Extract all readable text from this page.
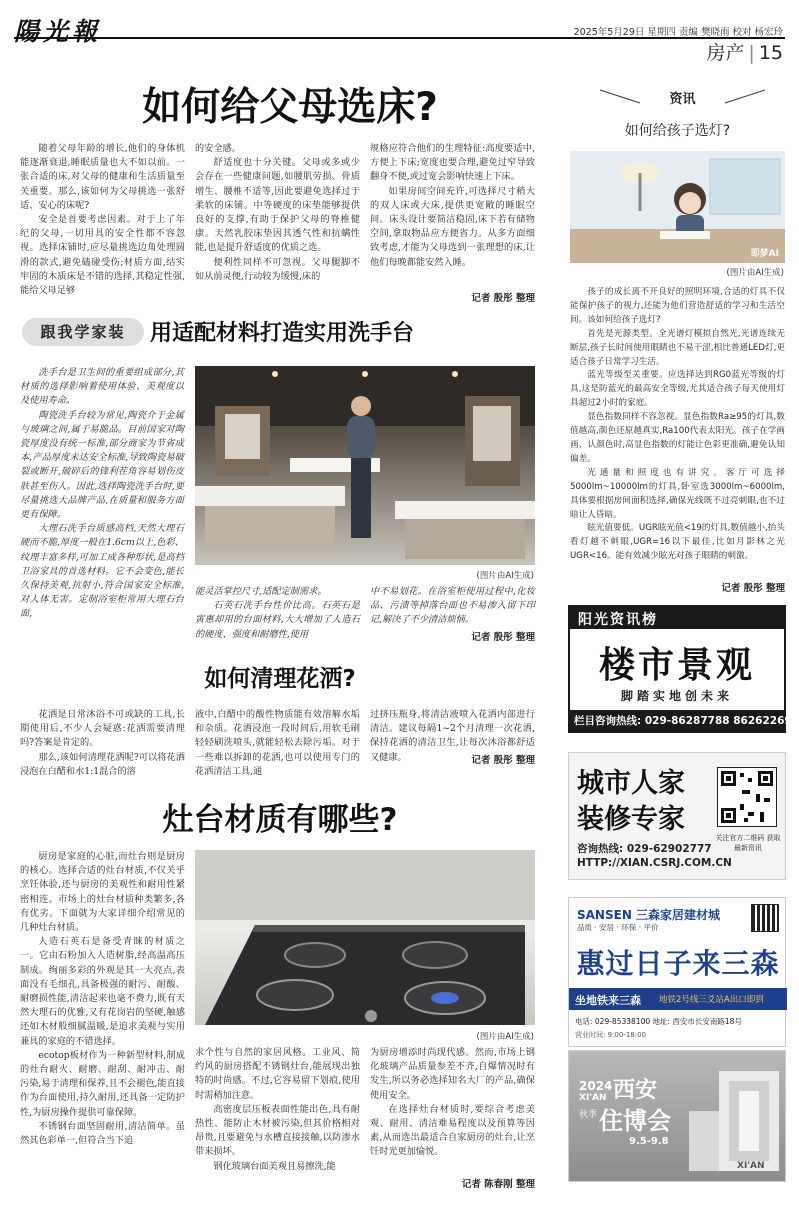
陽光報	2025年5月29日 星期四 责编 樊晓雨 校对 杨宏玲
房产 | 15
如何给父母选床?

随着父母年龄的增长,他们的身体机能逐渐衰退,睡眠质量也大不如以前。一张合适的床,对父母的健康和生活质量至关重要。那么,该如何为父母挑选一张舒适、安心的床呢?

安全是首要考虑因素。对于上了年纪的父母,一切用具的安全性都不容忽视。选择床铺时,应尽量挑选边角处理圆滑的款式,避免磕碰受伤;材质方面,结实牢固的木质床是不错的选择,其稳定性强,能给父母足够

的安全感。

舒适度也十分关键。父母或多或少会存在一些健康问题,如腰肌劳损、骨质增生、腰椎不适等,因此要避免选择过于柔软的床铺。中等硬度的床垫能够提供良好的支撑,有助于保护父母的脊椎健康。天然乳胶床垫因其透气性和抗螨性能,也是提升舒适度的优质之选。

便利性同样不可忽视。父母腿脚不如从前灵便,行动较为缓慢,床的

规格应符合他们的生理特征:高度要适中,方便上下床;宽度也要合理,避免过窄导致翻身不便,或过宽会影响快速上下床。

如果房间空间充许,可选择尺寸稍大的双人床或大床,提供更宽敞的睡眠空间。床头设计要简洁稳固,床下若有储物空间,拿取物品应方便省力。从多方面细致考虑,才能为父母选到一张理想的床,让他们每晚都能安然入睡。

记者 殷彤 整理
跟我学家装	用适配材料打造实用洗手台

洗手台是卫生间的重要组成部分,其材质的选择影响着使用体验、美观度以及使用寿命。

陶瓷洗手台较为常见,陶瓷介于金属与玻璃之间,属于易脆品。目前国家对陶瓷厚度没有统一标准,部分商家为节省成本,产品厚度未达安全标准,导致陶瓷易破裂或断开,破碎后的锋利茬角容易划伤皮肤甚至伤人。因此,选择陶瓷洗手台时,要尽量挑选大品牌产品,在质量和服务方面更有保障。

大理石洗手台质感高档,天然大理石硬而不脆,厚度一般在1.6cm以上,色彩、纹理丰富多样,可加工成各种形状,是高档卫浴家具的首选材料。它不会变色,能长久保持美观,抗射小,符合国家安全标准,对人体无害。定制浴室柜常用大理石台面,

(图片由AI生成)

能灵活掌控尺寸,适配定制需求。

石英石洗手台性价比高。石英石是寅惠却用的台面材料,大大增加了人造石的硬度、强度和耐磨性,使用

中不易划花。在浴室柜使用过程中,化妆品、污渍等掉落台面也不易渗入留下印记,解决了不少清洁烦恼。

记者 殷彤 整理
如何清理花洒?

花洒是日常沐浴不可或缺的工具,长期使用后,不少人会疑惑:花洒需要清理吗?答案是肯定的。

那么,该如何清理花洒呢?可以将花洒浸泡在白醋和水1:1混合的溶

液中,白醋中的酸性物质能有效溶解水垢和杂质。花洒浸泡一段时间后,用软毛刷轻轻刷洗喷头,就能轻松去除污垢。对于一些难以拆卸的花洒,也可以使用专门的花洒清洁工具,通

过挤压瓶身,将清洁液喷入花洒内部进行清洁。建议每隔1~2个月清理一次花洒,保持花洒的清洁卫生,让每次沐浴都舒适又健康。	记者 殷彤 整理
灶台材质有哪些?

厨房是家庭的心脏,而灶台则是厨房的核心。选择合适的灶台材质,不仅关乎烹饪体验,还与厨房的美观性和耐用性紧密相连。市场上的灶台材质种类繁多,各有优劣。下面就为大家详细介绍常见的几种灶台材质。

人造石英石是备受青睐的材质之一。它由石粉加入人造树脂,经高温高压制成。绚丽多彩的外观是其一大亮点,表面没有毛细孔,具备极强的耐污、耐酸、耐磨损性能,清洁起来也毫不费力,既有天然大理石的优雅,又有花岗岩的坚硬,触感还如木材般细腻温暖,是追求美观与实用兼具的家庭的不错选择。

ecotop板材作为一种新型材料,制成的灶台耐火、耐磨、耐刮、耐冲击、耐污染,易于清理和保养,且不会褪色,能直接作为台面使用,持久耐用,还具备一定防护性,为厨房操作提供可靠保障。

不锈钢台面坚固耐用,清洁简单。虽然其色彩单一,但符合当下追

(图片由AI生成)

求个性与自然的家居风格。工业风、简约风的厨房搭配不锈钢灶台,能展现出独特的时尚感。不过,它容易留下划痕,使用时需稍加注意。

高密度层压板表面性能出色,具有耐热性、能防止木材被污染,但其价格相对昂贵,且要避免与水槽直接接触,以防渗水带来损坏。

钢化玻璃台面美观且易擦洗,能

为厨房增添时尚现代感。然而,市场上钢化玻璃产品质量参差不齐,自爆情况时有发生,所以务必选择知名大厂的产品,确保使用安全。

在选择灶台材质时,要综合考虑美观、耐用、清洁难易程度以及预算等因素,从而选出最适合自家厨房的灶台,让烹饪时光更加愉悦。

记者 陈春刚 整理
资讯
如何给孩子选灯?
即梦AI
(图片由AI生成)

孩子的成长离不开良好的照明环境,合适的灯具不仅能保护孩子的视力,还能为他们营造舒适的学习和生活空间。该如何给孩子选灯?

首先是光源类型。全光谱灯模拟自然光,光谱连续无断层,孩子长时间使用眼睛也不易干涩,相比普通LED灯,更适合孩子日常学习生活。

蓝光等级至关重要。应选择达到RG0蓝光等级的灯具,这是防蓝光的最高安全等级,尤其适合孩子每天使用灯具超过2小时的家庭。

显色指数同样不容忽视。显色指数Ra≥95的灯具,数值越高,颜色还原越真实,Ra100代表太阳光。孩子在学画画、认颜色时,高显色指数的灯能让色彩更准确,避免认知偏差。

光通量和照度也有讲究。客厅可选择5000lm~10000lm的灯具,卧室选3000lm~6000lm,具体要根据房间面积选择,确保光线既不过亮刺眼,也不过暗让人昏暗。

眩光值要低。UGR眩光值<19的灯具,数值越小,抬头看灯越不刺眼,UGR=16以下最佳,比如月影林之光UGR<16。能有效减少眩光对孩子眼睛的刺激。

记者 殷彤 整理
阳光资讯榜
楼市景观
脚踏实地创未来
栏目咨询热线: 029-86287788 86262269
城市人家
装修专家
咨询热线: 029-62902777
HTTP://XIAN.CSRJ.COM.CN
关注官方二维码 获取最新资讯
SANSEN 三森家居建材城
品质 · 安居 · 环保 · 平价
惠过日子来三森
坐地铁来三森 地铁2号线三爻站A出口即到
电话: 029-85338100 地址: 西安市长安南路18号
营业时间: 9:00-18:00
2024
XI'AN
秋季
西安
住博会
9.5-9.8
XI'AN
